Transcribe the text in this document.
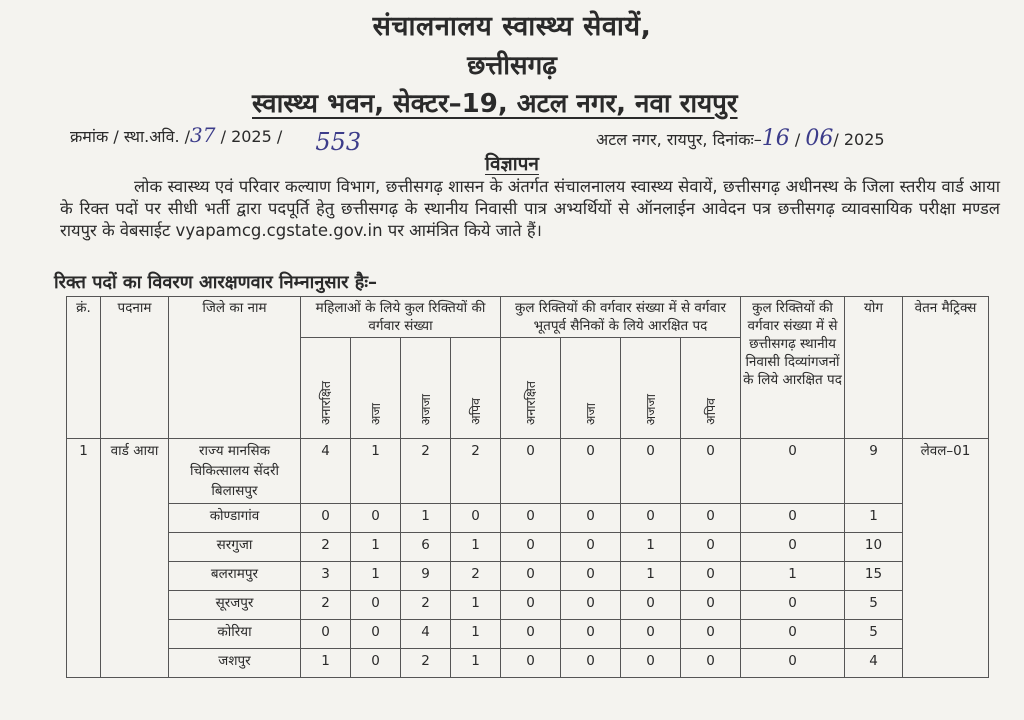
संचालनालय स्वास्थ्य सेवायें,
छत्तीसगढ़
स्वास्थ्य भवन, सेक्टर–19, अटल नगर, नवा रायपुर
क्रमांक / स्था.अवि. /37 / 2025 / 553	अटल नगर, रायपुर, दिनांकः–16 / 06/ 2025
विज्ञापन
लोक स्वास्थ्य एवं परिवार कल्याण विभाग, छत्तीसगढ़ शासन के अंतर्गत संचालनालय स्वास्थ्य सेवायें, छत्तीसगढ़ अधीनस्थ के जिला स्तरीय वार्ड आया के रिक्त पदों पर सीधी भर्ती द्वारा पदपूर्ति हेतु छत्तीसगढ़ के स्थानीय निवासी पात्र अभ्यर्थियों से ऑनलाईन आवेदन पत्र छत्तीसगढ़ व्यावसायिक परीक्षा मण्डल रायपुर के वेबसाईट vyapamcg.cgstate.gov.in पर आमंत्रित किये जाते हैं।
रिक्त पदों का विवरण आरक्षणवार निम्नानुसार हैः–
क्रं.	पदनाम	जिले का नाम	महिलाओं के लिये कुल रिक्तियों की वर्गवार संख्या				कुल रिक्तियों की वर्गवार संख्या में से वर्गवार भूतपूर्व सैनिकों के लिये आरक्षित पद				कुल रिक्तियों की वर्गवार संख्या में से छत्तीसगढ़ स्थानीय निवासी दिव्यांगजनों के लिये आरक्षित पद	योग	वेतन मैट्रिक्स
			अनारक्षित	अजा	अजजा	अपिव	अनारक्षित	अजा	अजजा	अपिव			
1	वार्ड आया	राज्य मानसिक चिकित्सालय सेंदरी बिलासपुर	4	1	2	2	0	0	0	0	0	9	लेवल–01
		कोण्डागांव	0	0	1	0	0	0	0	0	0	1	
		सरगुजा	2	1	6	1	0	0	1	0	0	10	
		बलरामपुर	3	1	9	2	0	0	1	0	1	15	
		सूरजपुर	2	0	2	1	0	0	0	0	0	5	
		कोरिया	0	0	4	1	0	0	0	0	0	5	
		जशपुर	1	0	2	1	0	0	0	0	0	4	
